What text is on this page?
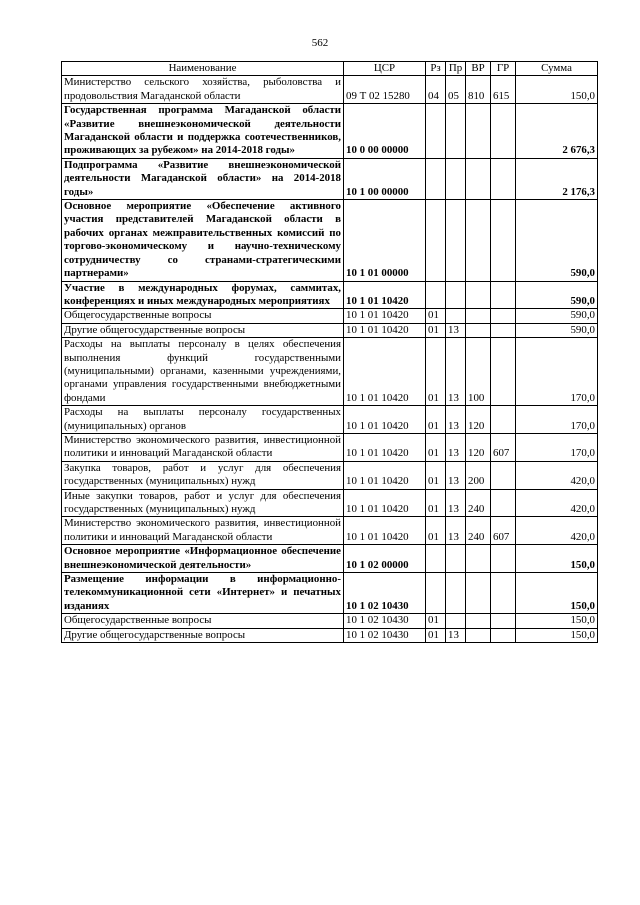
562
Наименование	ЦСР	Рз	Пр	ВР	ГР	Сумма
Министерство сельского хозяйства, рыболовства и продовольствия Магаданской области	09 Т 02 15280	04	05	810	615	150,0
Государственная программа Магаданской области «Развитие внешнеэкономической деятельности Магаданской области и поддержка соотечественников, проживающих за рубежом» на 2014-2018 годы»	10 0 00 00000					2 676,3
Подпрограмма «Развитие внешнеэкономической деятельности Магаданской области» на 2014-2018 годы»	10 1 00 00000					2 176,3
Основное мероприятие «Обеспечение активного участия представителей Магаданской области в рабочих органах межправительственных комиссий по торгово-экономическому и научно-техническому сотрудничеству со странами-стратегическими партнерами»	10 1 01 00000					590,0
Участие в международных форумах, саммитах, конференциях и иных международных мероприятиях	10 1 01 10420					590,0
Общегосударственные вопросы	10 1 01 10420	01				590,0
Другие общегосударственные вопросы	10 1 01 10420	01	13			590,0
Расходы на выплаты персоналу в целях обеспечения выполнения функций государственными (муниципальными) органами, казенными учреждениями, органами управления государственными внебюджетными фондами	10 1 01 10420	01	13	100		170,0
Расходы на выплаты персоналу государственных (муниципальных) органов	10 1 01 10420	01	13	120		170,0
Министерство экономического развития, инвестиционной политики и инноваций Магаданской области	10 1 01 10420	01	13	120	607	170,0
Закупка товаров, работ и услуг для обеспечения государственных (муниципальных) нужд	10 1 01 10420	01	13	200		420,0
Иные закупки товаров, работ и услуг для обеспечения государственных (муниципальных) нужд	10 1 01 10420	01	13	240		420,0
Министерство экономического развития, инвестиционной политики и инноваций Магаданской области	10 1 01 10420	01	13	240	607	420,0
Основное мероприятие «Информационное обеспечение внешнеэкономической деятельности»	10 1 02 00000					150,0
Размещение информации в информационно-телекоммуникационной сети «Интернет» и печатных изданиях	10 1 02 10430					150,0
Общегосударственные вопросы	10 1 02 10430	01				150,0
Другие общегосударственные вопросы	10 1 02 10430	01	13			150,0
